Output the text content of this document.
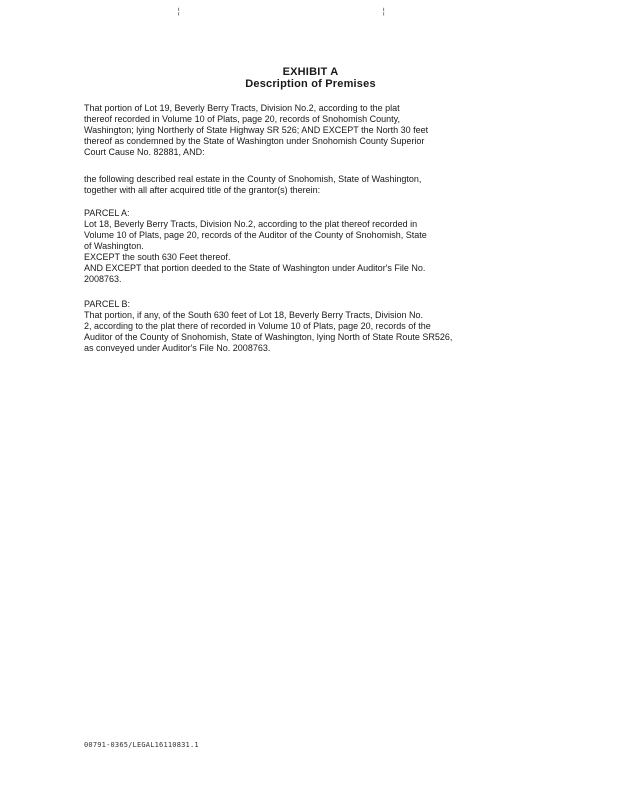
¦	¦
EXHIBIT A
Description of Premises
That portion of Lot 19, Beverly Berry Tracts, Division No.2, according to the plat
thereof recorded in Volume 10 of Plats, page 20, records of Snohomish County,
Washington; lying Northerly of State Highway SR 526; AND EXCEPT the North 30 feet
thereof as condemned by the State of Washington under Snohomish County Superior
Court Cause No. 82881, AND:
the following described real estate in the County of Snohomish, State of Washington,
together with all after acquired title of the grantor(s) therein:
PARCEL A:
Lot 18, Beverly Berry Tracts, Division No.2, according to the plat thereof recorded in
Volume 10 of Plats, page 20, records of the Auditor of the County of Snohomish, State
of Washington.
EXCEPT the south 630 Feet thereof.
AND EXCEPT that portion deeded to the State of Washington under Auditor's File No.
2008763.
PARCEL B:
That portion, if any, of the South 630 feet of Lot 18, Beverly Berry Tracts, Division No.
2, according to the plat there of recorded in Volume 10 of Plats, page 20, records of the
Auditor of the County of Snohomish, State of Washington, lying North of State Route SR526,
as conveyed under Auditor's File No. 2008763.
00791-0365/LEGAL16110831.1
